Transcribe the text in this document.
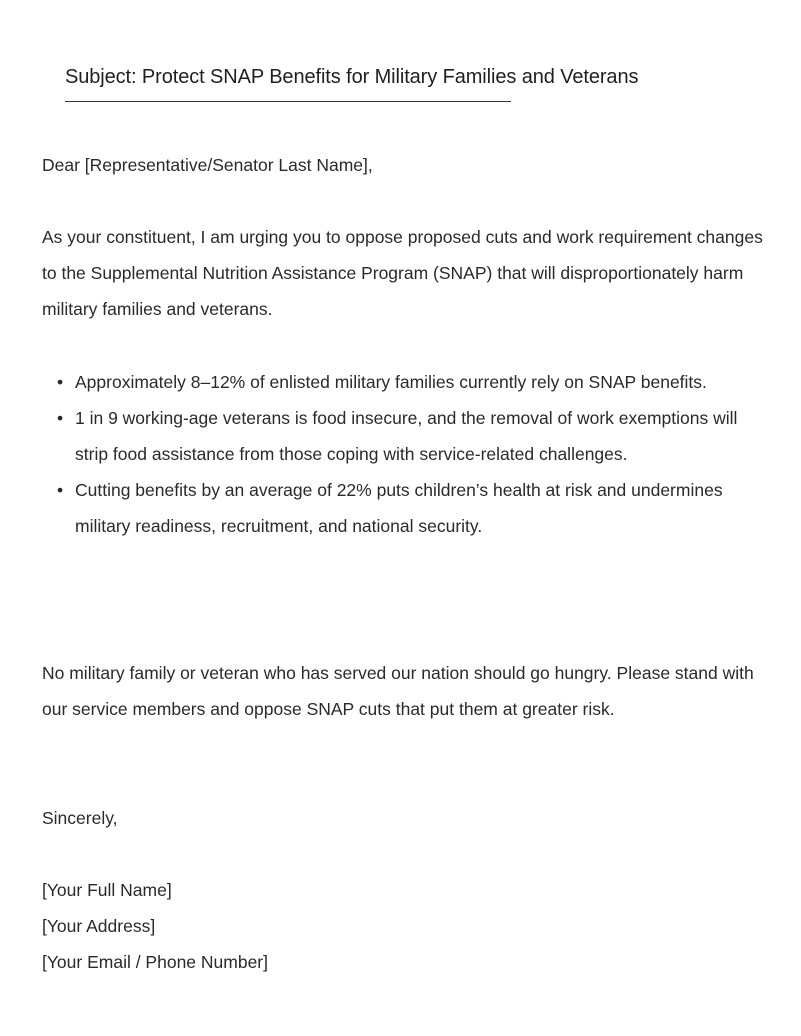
Subject: Protect SNAP Benefits for Military Families and Veterans

Dear [Representative/Senator Last Name],

As your constituent, I am urging you to oppose proposed cuts and work requirement changes to the Supplemental Nutrition Assistance Program (SNAP) that will disproportionately harm military families and veterans.

• Approximately 8–12% of enlisted military families currently rely on SNAP benefits.
• 1 in 9 working-age veterans is food insecure, and the removal of work exemptions will strip food assistance from those coping with service-related challenges.
• Cutting benefits by an average of 22% puts children’s health at risk and undermines military readiness, recruitment, and national security.

No military family or veteran who has served our nation should go hungry. Please stand with our service members and oppose SNAP cuts that put them at greater risk.

Sincerely,

[Your Full Name]
[Your Address]
[Your Email / Phone Number]
